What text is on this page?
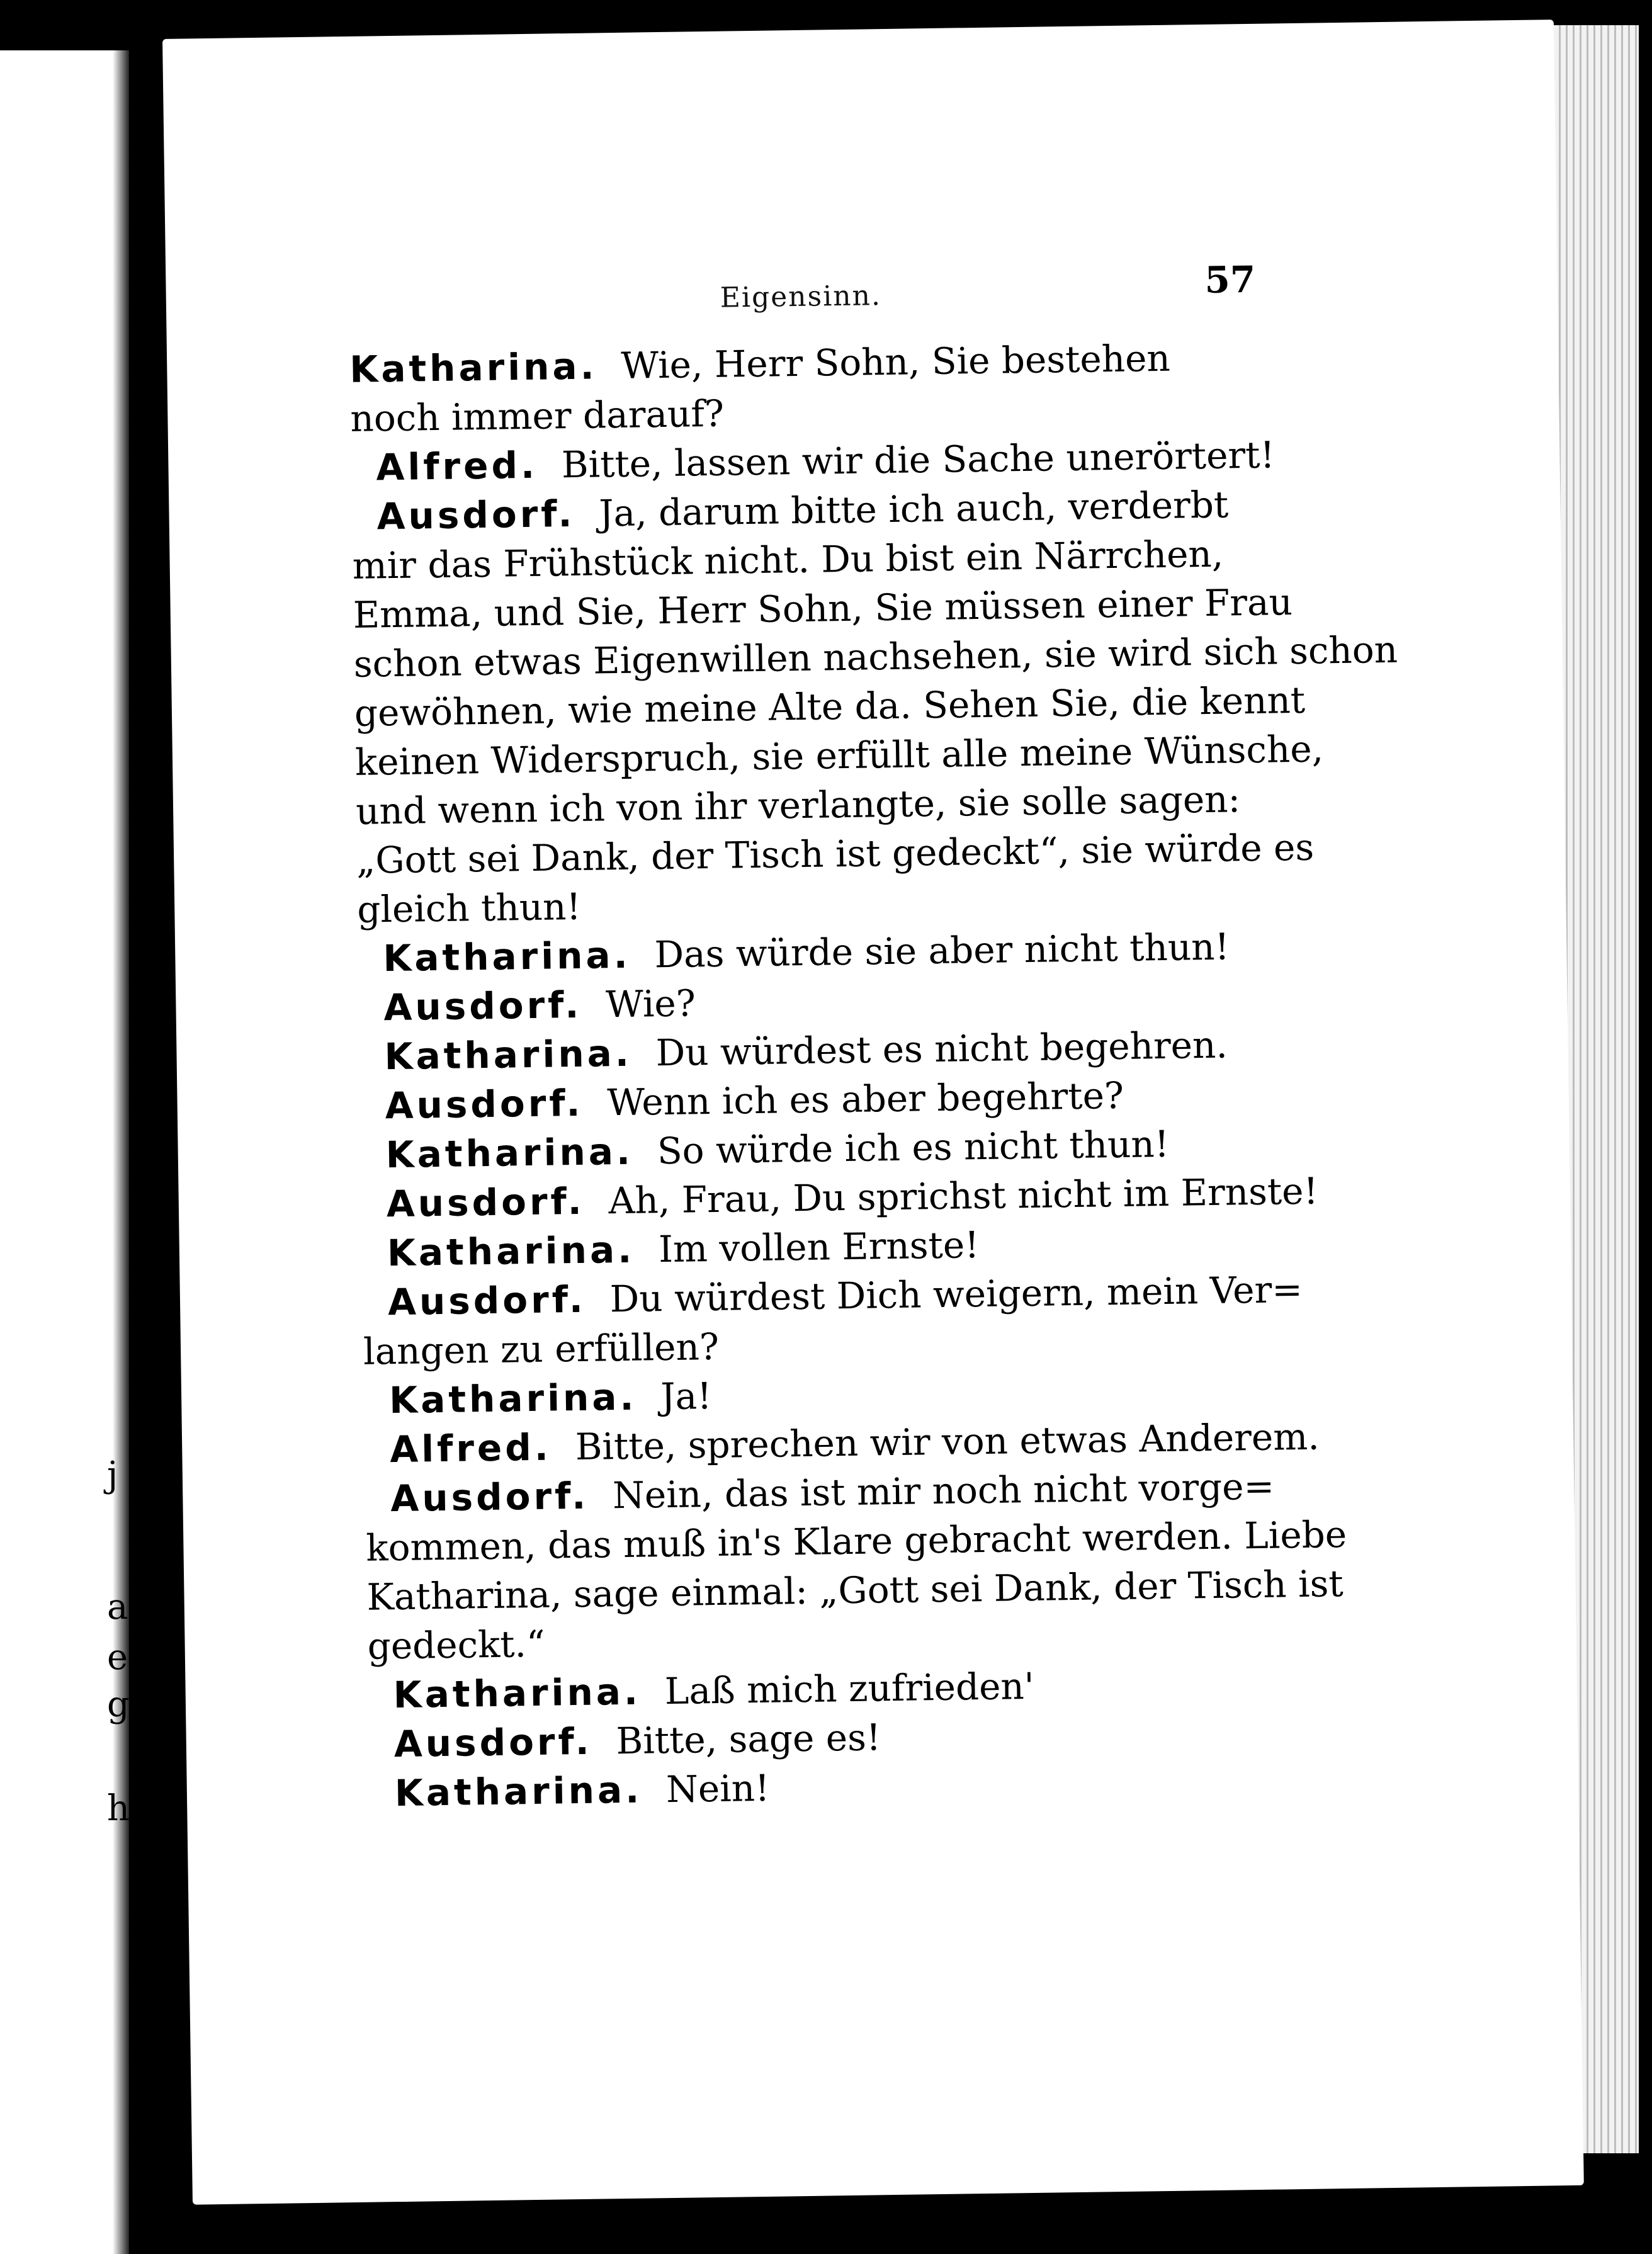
j
a
e
g
h
Eigensinn.	57
Katharina. Wie, Herr Sohn, Sie bestehen
noch immer darauf?
Alfred. Bitte, lassen wir die Sache unerörtert!
Ausdorf. Ja, darum bitte ich auch, verderbt
mir das Frühstück nicht. Du bist ein Närrchen,
Emma, und Sie, Herr Sohn, Sie müssen einer Frau
schon etwas Eigenwillen nachsehen, sie wird sich schon
gewöhnen, wie meine Alte da. Sehen Sie, die kennt
keinen Widerspruch, sie erfüllt alle meine Wünsche,
und wenn ich von ihr verlangte, sie solle sagen:
„Gott sei Dank, der Tisch ist gedeckt“, sie würde es
gleich thun!
Katharina. Das würde sie aber nicht thun!
Ausdorf. Wie?
Katharina. Du würdest es nicht begehren.
Ausdorf. Wenn ich es aber begehrte?
Katharina. So würde ich es nicht thun!
Ausdorf. Ah, Frau, Du sprichst nicht im Ernste!
Katharina. Im vollen Ernste!
Ausdorf. Du würdest Dich weigern, mein Ver=
langen zu erfüllen?
Katharina. Ja!
Alfred. Bitte, sprechen wir von etwas Anderem.
Ausdorf. Nein, das ist mir noch nicht vorge=
kommen, das muß in's Klare gebracht werden. Liebe
Katharina, sage einmal: „Gott sei Dank, der Tisch ist
gedeckt.“
Katharina. Laß mich zufrieden'
Ausdorf. Bitte, sage es!
Katharina. Nein!
